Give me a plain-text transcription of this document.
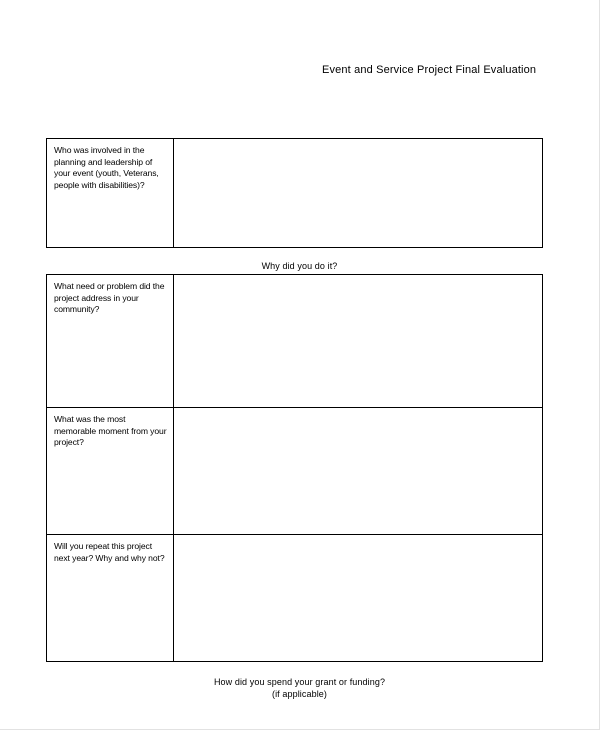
Event and Service Project Final Evaluation
Who was involved in the planning and leadership of your event (youth, Veterans, people with disabilities)?
Why did you do it?
What need or problem did the project address in your community?
What was the most memorable moment from your project?
Will you repeat this project next year? Why and why not?
How did you spend your grant or funding?
(if applicable)
